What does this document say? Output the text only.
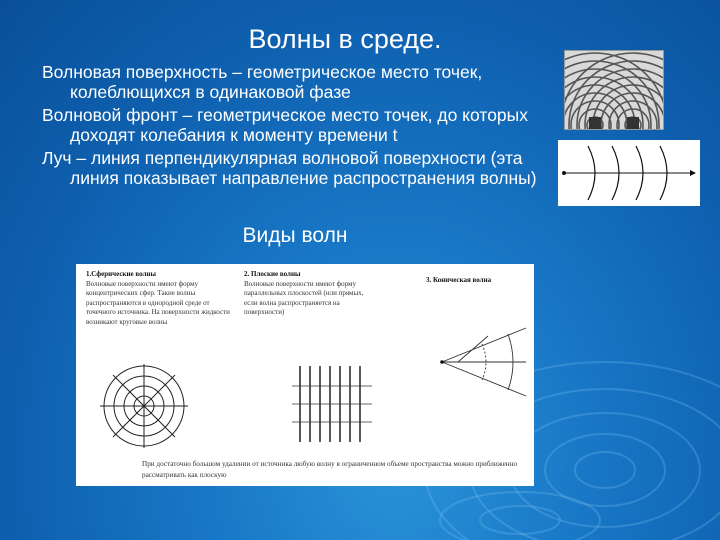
Волны в среде.

Волновая поверхность – геометрическое место точек, колеблющихся в одинаковой фазе

Волновой фронт – геометрическое место точек, до которых доходят колебания к моменту времени t

Луч – линия перпендикулярная волновой поверхности (эта линия показывает направление распространения волны)

Виды волн
1.Сферические волны
Волновые поверхности имеют форму концентрических сфер. Такие волны распространяются в однородной среде от точечного источника. На поверхности жидкости возникают круговые волны
2. Плоские волны
Волновые поверхности имеют форму параллельных плоскостей (или прямых, если волна распространяется на поверхности)
3. Коническая волна
При достаточно большом удалении от источника любую волну в ограниченном объеме пространства можно приближенно рассматривать как плоскую
